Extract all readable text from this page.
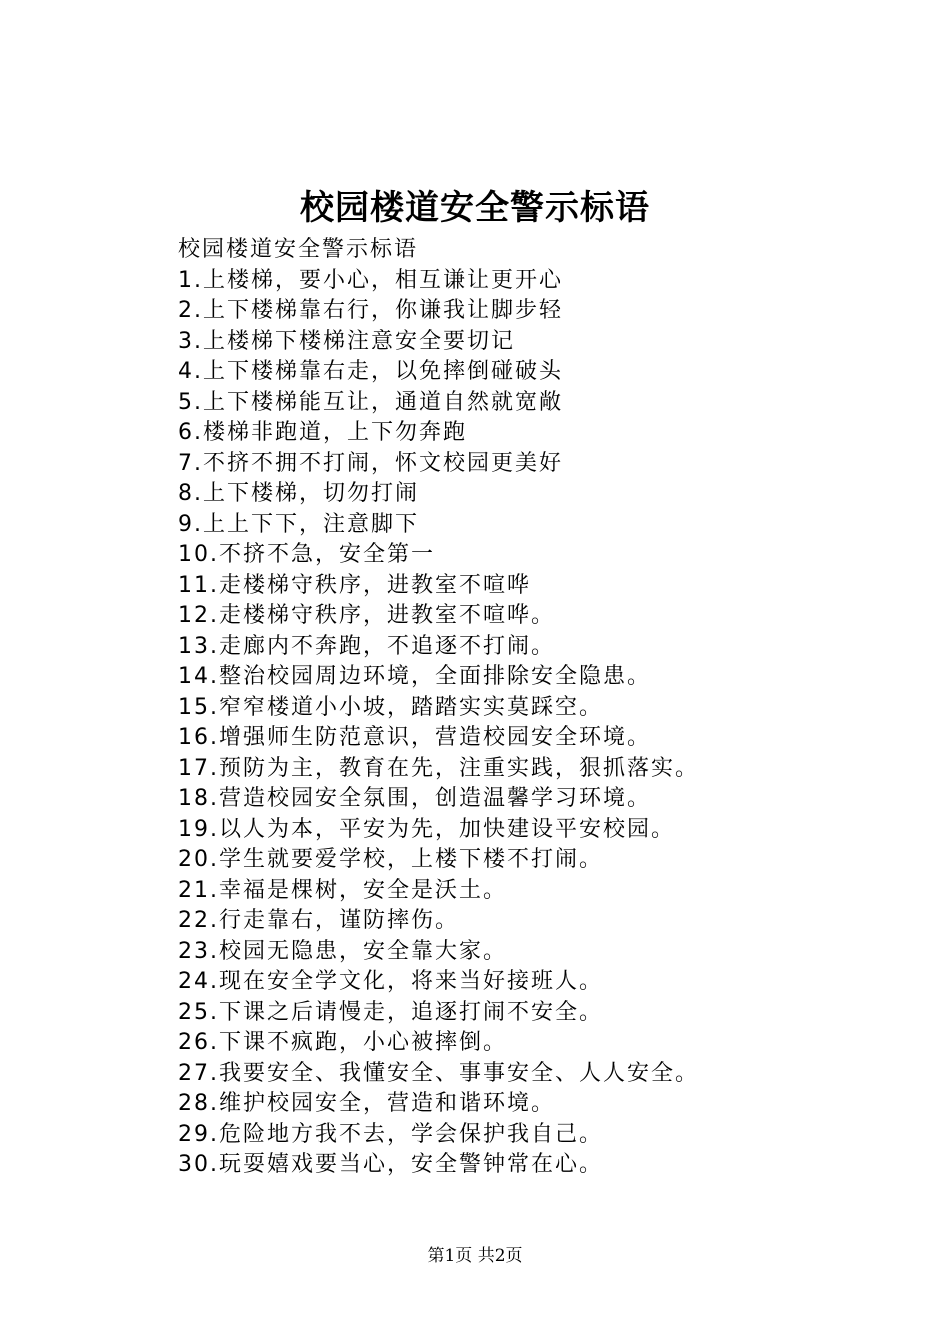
校园楼道安全警示标语
校园楼道安全警示标语
1.上楼梯，要小心，相互谦让更开心
2.上下楼梯靠右行，你谦我让脚步轻
3.上楼梯下楼梯注意安全要切记
4.上下楼梯靠右走，以免摔倒碰破头
5.上下楼梯能互让，通道自然就宽敞
6.楼梯非跑道，上下勿奔跑
7.不挤不拥不打闹，怀文校园更美好
8.上下楼梯，切勿打闹
9.上上下下，注意脚下
10.不挤不急，安全第一
11.走楼梯守秩序，进教室不喧哗
12.走楼梯守秩序，进教室不喧哗。
13.走廊内不奔跑，不追逐不打闹。
14.整治校园周边环境，全面排除安全隐患。
15.窄窄楼道小小坡，踏踏实实莫踩空。
16.增强师生防范意识，营造校园安全环境。
17.预防为主，教育在先，注重实践，狠抓落实。
18.营造校园安全氛围，创造温馨学习环境。
19.以人为本，平安为先，加快建设平安校园。
20.学生就要爱学校，上楼下楼不打闹。
21.幸福是棵树，安全是沃土。
22.行走靠右，谨防摔伤。
23.校园无隐患，安全靠大家。
24.现在安全学文化，将来当好接班人。
25.下课之后请慢走，追逐打闹不安全。
26.下课不疯跑，小心被摔倒。
27.我要安全、我懂安全、事事安全、人人安全。
28.维护校园安全，营造和谐环境。
29.危险地方我不去，学会保护我自己。
30.玩耍嬉戏要当心，安全警钟常在心。
第1页 共2页
